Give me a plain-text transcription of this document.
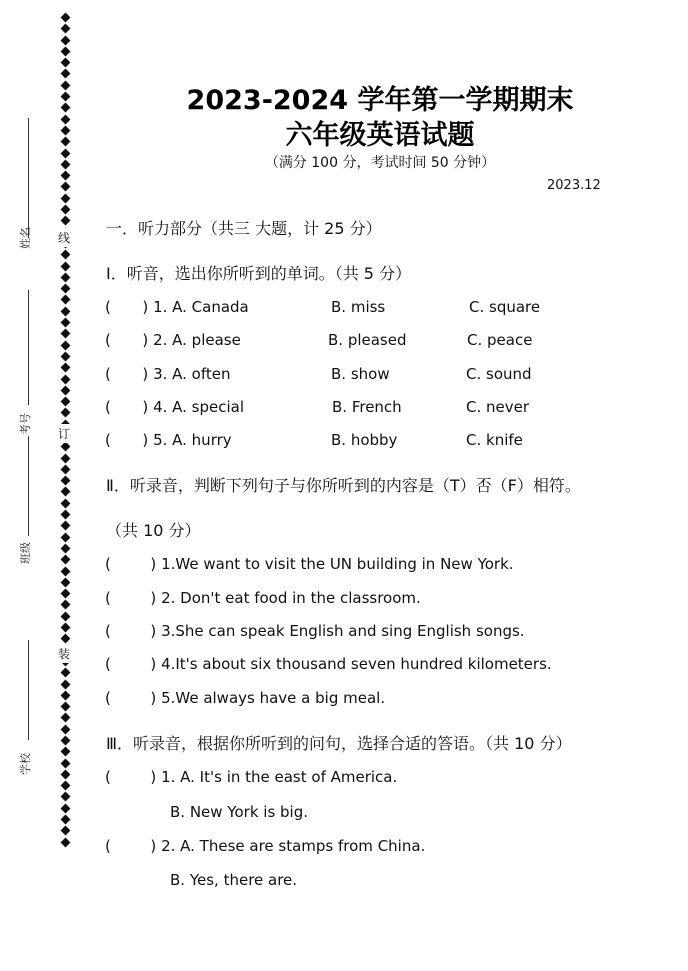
姓名
考号
班级
学校
线
订
装
2023-2024 学年第一学期期末
六年级英语试题
（满分 100 分，考试时间 50 分钟）
2023.12
一．听力部分（共三 大题，计 25 分）
Ⅰ．听音，选出你所听到的单词。（共 5 分）
( ) 1. A. Canada	B. miss	C. square
( ) 2. A. please	B. pleased	C. peace
( ) 3. A. often	B. show	C. sound
( ) 4. A. special	B. French	C. never
( ) 5. A. hurry	B. hobby	C. knife
Ⅱ．听录音，判断下列句子与你所听到的内容是（T）否（F）相符。
（共 10 分）
(	) 1.We want to visit the UN building in New York.
(	) 2. Don't eat food in the classroom.
(	) 3.She can speak English and sing English songs.
(	) 4.It's about six thousand seven hundred kilometers.
(	) 5.We always have a big meal.
Ⅲ．听录音，根据你所听到的问句，选择合适的答语。（共 10 分）
(	) 1. A. It's in the east of America.
B. New York is big.
(	) 2. A. These are stamps from China.
B. Yes, there are.
